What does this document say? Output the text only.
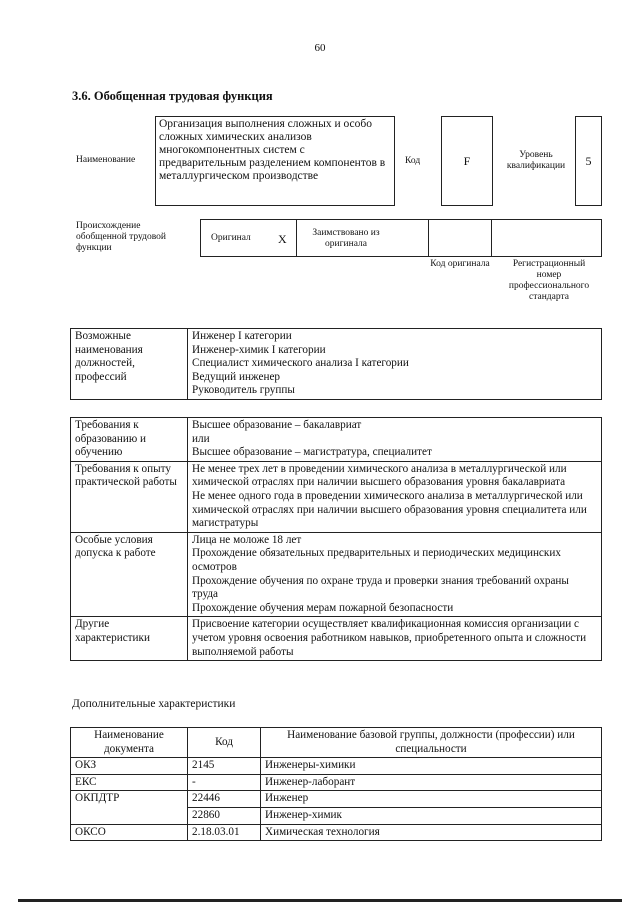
60
3.6. Обобщенная трудовая функция
Наименование
Организация выполнения сложных и особо сложных химических анализов многокомпонентных систем с предварительным разделением компонентов в металлургическом производстве
Код	F	Уровень квалификации	5
Происхождение обобщенной трудовой функции
Оригинал X	Заимствовано из оригинала
Код оригинала	Регистрационный номер профессионального стандарта
Возможные наименования должностей, профессий	
Инженер I категории
Инженер-химик I категории
Специалист химического анализа I категории
Ведущий инженер
Руководитель группы
Требования к образованию и обучению	Высшее образование – бакалавриат
или
Высшее образование – магистратура, специалитет

Требования к опыту практической работы	Не менее трех лет в проведении химического анализа в металлургической или химической отраслях при наличии высшего образования уровня бакалавриата
Не менее одного года в проведении химического анализа в металлургической или химической отраслях при наличии высшего образования уровня специалитета или магистратуры

Особые условия допуска к работе	Лица не моложе 18 лет
Прохождение обязательных предварительных и периодических медицинских осмотров
Прохождение обучения по охране труда и проверки знания требований охраны труда
Прохождение обучения мерам пожарной безопасности

Другие характеристики	Присвоение категории осуществляет квалификационная комиссия организации с учетом уровня освоения работником навыков, приобретенного опыта и сложности выполняемой работы
Дополнительные характеристики
Наименование документа	Код	Наименование базовой группы, должности (профессии) или специальности
ОКЗ	2145	Инженеры-химики
ЕКС	-	Инженер-лаборант
ОКПДТР	22446	Инженер
	22860	Инженер-химик
ОКСО	2.18.03.01	Химическая технология
